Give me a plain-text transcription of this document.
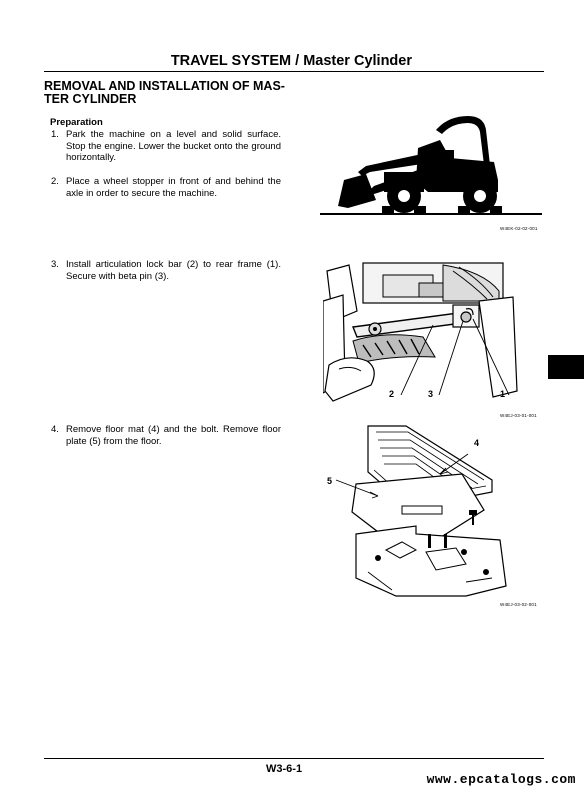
TRAVEL SYSTEM / Master Cylinder
REMOVAL AND INSTALLATION OF MAS-
TER CYLINDER
Preparation
1. Park the machine on a level and solid surface. Stop the engine. Lower the bucket onto the ground horizontally.
2. Place a wheel stopper in front of and behind the axle in order to secure the machine.
3. Install articulation lock bar (2) to rear frame (1). Secure with beta pin (3).
4. Remove floor mat (4) and the bolt. Remove floor plate (5) from the floor.
W4EK-02-02-001
2	3	1
W4EJ-03-01-001
4
5
W4EJ-03-02-001
W3-6-1
www.epcatalogs.com
